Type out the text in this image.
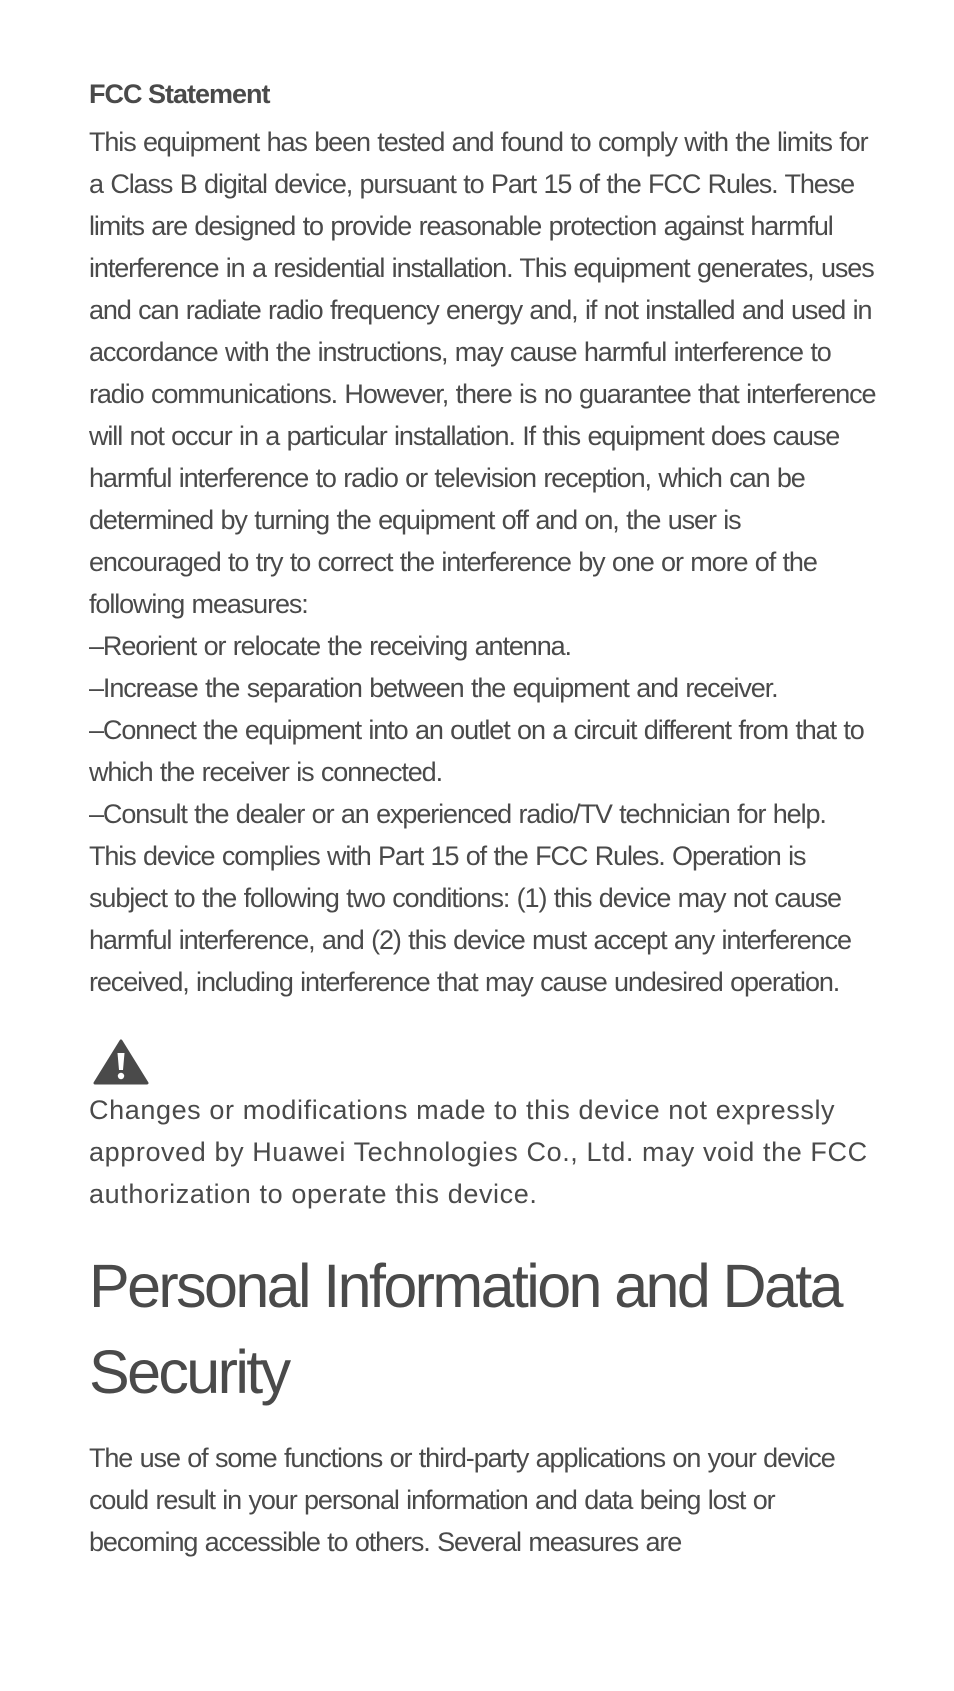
FCC Statement

This equipment has been tested and found to comply with the limits for a Class B digital device, pursuant to Part 15 of the FCC Rules. These limits are designed to provide reasonable protection against harmful interference in a residential installation. This equipment generates, uses and can radiate radio frequency energy and, if not installed and used in accordance with the instructions, may cause harmful interference to radio communications. However, there is no guarantee that interference will not occur in a particular installation. If this equipment does cause harmful interference to radio or television reception, which can be determined by turning the equipment off and on, the user is encouraged to try to correct the interference by one or more of the following measures:

–Reorient or relocate the receiving antenna.

–Increase the separation between the equipment and receiver.

–Connect the equipment into an outlet on a circuit different from that to which the receiver is connected.

–Consult the dealer or an experienced radio/TV technician for help.

This device complies with Part 15 of the FCC Rules. Operation is subject to the following two conditions: (1) this device may not cause harmful interference, and (2) this device must accept any interference received, including interference that may cause undesired operation.

Changes or modifications made to this device not expressly approved by Huawei Technologies Co., Ltd. may void the FCC authorization to operate this device.

Personal Information and Data Security

The use of some functions or third-party applications on your device could result in your personal information and data being lost or becoming accessible to others. Several measures are
